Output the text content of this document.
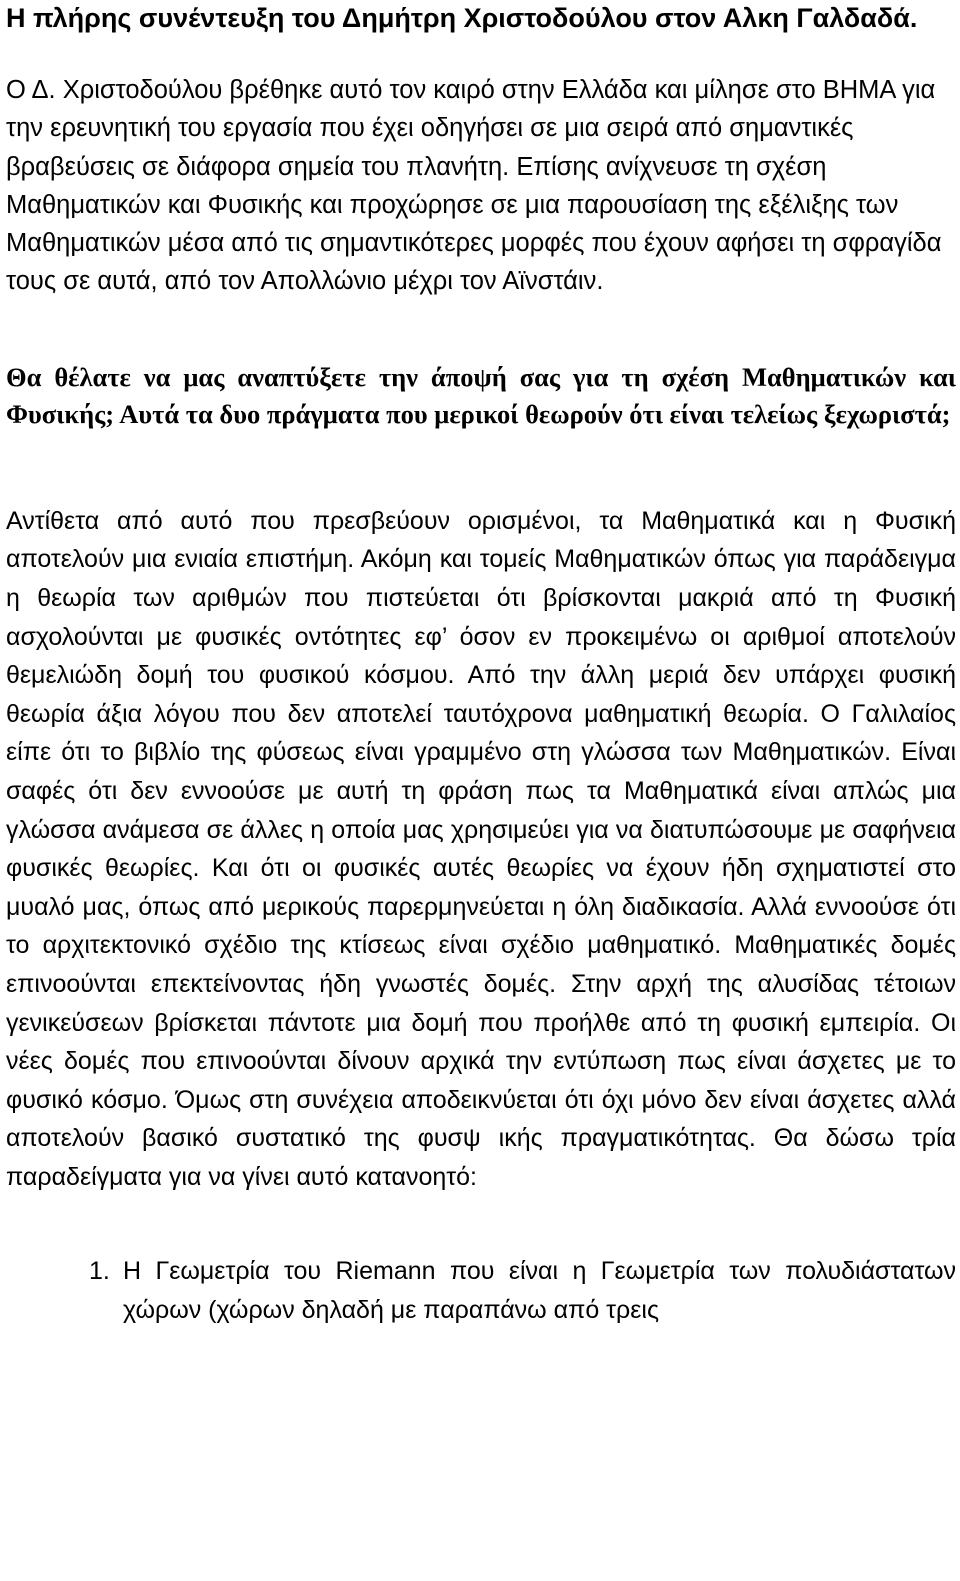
Η πλήρης συνέντευξη του Δημήτρη Χριστοδούλου στον Αλκη Γαλδαδά.

Ο Δ. Χριστοδούλου βρέθηκε αυτό τον καιρό στην Ελλάδα και μίλησε στο ΒΗΜΑ για την ερευνητική του εργασία που έχει οδηγήσει σε μια σειρά από σημαντικές βραβεύσεις σε διάφορα σημεία του πλανήτη. Επίσης ανίχνευσε τη σχέση Μαθηματικών και Φυσικής και προχώρησε σε μια παρουσίαση της εξέλιξης των Μαθηματικών μέσα από τις σημαντικότερες μορφές που έχουν αφήσει τη σφραγίδα τους σε αυτά, από τον Απολλώνιο μέχρι τον Αϊνστάιν.

Θα θέλατε να μας αναπτύξετε την άποψή σας για τη σχέση Μαθηματικών και Φυσικής; Αυτά τα δυο πράγματα που μερικοί θεωρούν ότι είναι τελείως ξεχωριστά;

Αντίθετα από αυτό που πρεσβεύουν ορισμένοι, τα Μαθηματικά και η Φυσική αποτελούν μια ενιαία επιστήμη. Ακόμη και τομείς Μαθηματικών όπως για παράδειγμα η θεωρία των αριθμών που πιστεύεται ότι βρίσκονται μακριά από τη Φυσική ασχολούνται με φυσικές οντότητες εφ’ όσον εν προκειμένω οι αριθμοί αποτελούν θεμελιώδη δομή του φυσικού κόσμου. Από την άλλη μεριά δεν υπάρχει φυσική θεωρία άξια λόγου που δεν αποτελεί ταυτόχρονα μαθηματική θεωρία. Ο Γαλιλαίος είπε ότι το βιβλίο της φύσεως είναι γραμμένο στη γλώσσα των Μαθηματικών. Είναι σαφές ότι δεν εννοούσε με αυτή τη φράση πως τα Μαθηματικά είναι απλώς μια γλώσσα ανάμεσα σε άλλες η οποία μας χρησιμεύει για να διατυπώσουμε με σαφήνεια φυσικές θεωρίες. Και ότι οι φυσικές αυτές θεωρίες να έχουν ήδη σχηματιστεί στο μυαλό μας, όπως από μερικούς παρερμηνεύεται η όλη διαδικασία. Αλλά εννοούσε ότι το αρχιτεκτονικό σχέδιο της κτίσεως είναι σχέδιο μαθηματικό. Μαθηματικές δομές επινοούνται επεκτείνοντας ήδη γνωστές δομές. Στην αρχή της αλυσίδας τέτοιων γενικεύσεων βρίσκεται πάντοτε μια δομή που προήλθε από τη φυσική εμπειρία. Οι νέες δομές που επινοούνται δίνουν αρχικά την εντύπωση πως είναι άσχετες με το φυσικό κόσμο. Όμως στη συνέχεια αποδεικνύεται ότι όχι μόνο δεν είναι άσχετες αλλά αποτελούν βασικό συστατικό της φυσψ ικής πραγματικότητας. Θα δώσω τρία παραδείγματα για να γίνει αυτό κατανοητό:

1. Η Γεωμετρία του Riemann που είναι η Γεωμετρία των πολυδιάστατων χώρων (χώρων δηλαδή με παραπάνω από τρεις
